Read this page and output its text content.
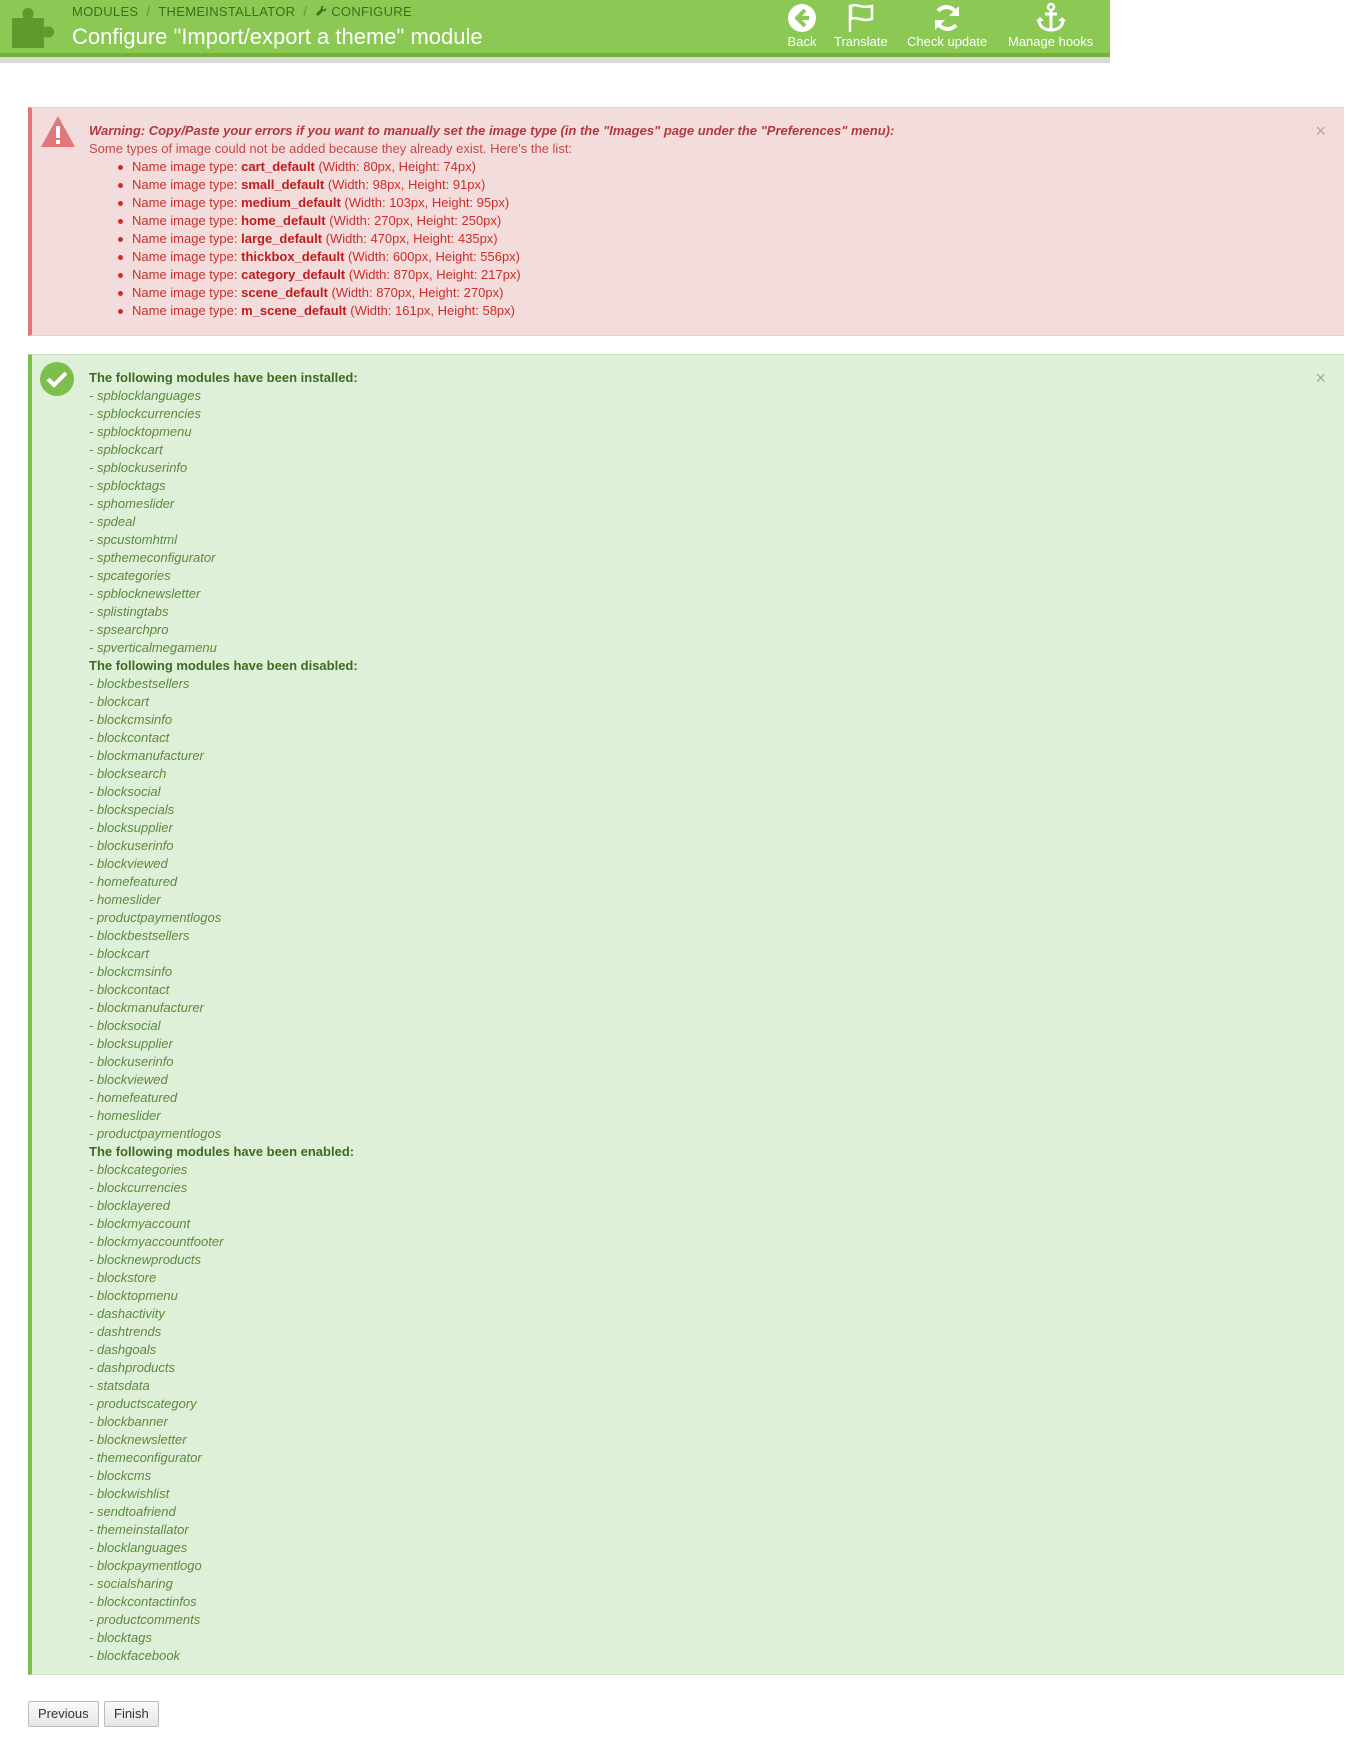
MODULES / THEMEINSTALLATOR /	CONFIGURE
Configure "Import/export a theme" module	Back Translate Check update Manage hooks
×
Warning: Copy/Paste your errors if you want to manually set the image type (in the "Images" page under the "Preferences" menu):
Some types of image could not be added because they already exist. Here's the list:
Name image type: cart_default (Width: 80px, Height: 74px)
Name image type: small_default (Width: 98px, Height: 91px)
Name image type: medium_default (Width: 103px, Height: 95px)
Name image type: home_default (Width: 270px, Height: 250px)
Name image type: large_default (Width: 470px, Height: 435px)
Name image type: thickbox_default (Width: 600px, Height: 556px)
Name image type: category_default (Width: 870px, Height: 217px)
Name image type: scene_default (Width: 870px, Height: 270px)
Name image type: m_scene_default (Width: 161px, Height: 58px)
×
The following modules have been installed:
- spblocklanguages
- spblockcurrencies
- spblocktopmenu
- spblockcart
- spblockuserinfo
- spblocktags
- sphomeslider
- spdeal
- spcustomhtml
- spthemeconfigurator
- spcategories
- spblocknewsletter
- splistingtabs
- spsearchpro
- spverticalmegamenu
The following modules have been disabled:
- blockbestsellers
- blockcart
- blockcmsinfo
- blockcontact
- blockmanufacturer
- blocksearch
- blocksocial
- blockspecials
- blocksupplier
- blockuserinfo
- blockviewed
- homefeatured
- homeslider
- productpaymentlogos
- blockbestsellers
- blockcart
- blockcmsinfo
- blockcontact
- blockmanufacturer
- blocksocial
- blocksupplier
- blockuserinfo
- blockviewed
- homefeatured
- homeslider
- productpaymentlogos
The following modules have been enabled:
- blockcategories
- blockcurrencies
- blocklayered
- blockmyaccount
- blockmyaccountfooter
- blocknewproducts
- blockstore
- blocktopmenu
- dashactivity
- dashtrends
- dashgoals
- dashproducts
- statsdata
- productscategory
- blockbanner
- blocknewsletter
- themeconfigurator
- blockcms
- blockwishlist
- sendtoafriend
- themeinstallator
- blocklanguages
- blockpaymentlogo
- socialsharing
- blockcontactinfos
- productcomments
- blocktags
- blockfacebook
Previous	Finish
